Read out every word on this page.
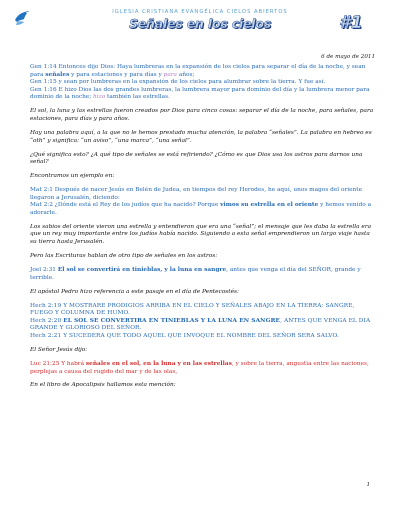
IGLESIA CRISTIANA EVANGÉLICA CIELOS ABIERTOS
Señales en los cielos	#1
6 de mayo de 2011

Gen 1:14 Entonces dijo Dios: Haya lumbreras en la expansión de los cielos para separar el día de la noche, y sean para señales y para estaciones y para días y para años;
Gen 1:15 y sean por lumbreras en la expansión de los cielos para alumbrar sobre la tierra. Y fue así.
Gen 1:16 E hizo Dios las dos grandes lumbreras, la lumbrera mayor para dominio del día y la lumbrera menor para dominio de la noche; hizo también las estrellas.

El sol, la luna y las estrellas fueron creados por Dios para cinco cosas: separar el día de la noche, para señales, para estaciones, para días y para años.

Hay una palabra aquí, a la que no le hemos prestado mucha atención, la palabra “señales”. La palabra en hebreo es “oth” y significa: “un aviso”, “una marca”, “una señal”.

¿Qué significa esto? ¿A qué tipo de señales se está refiriendo? ¿Cómo es que Dios usa los astros para darnos una señal?

Encontramos un ejemplo en:

Mat 2:1 Después de nacer Jesús en Belén de Judea, en tiempos del rey Herodes, he aquí, unos magos del oriente llegaron a Jerusalén, diciendo:
Mat 2:2 ¿Dónde está el Rey de los judíos que ha nacido? Porque vimos su estrella en el oriente y hemos venido a adorarle.

Los sabios del oriente vieron una estrella y entendieron que era una “señal”; el mensaje que les daba la estrella era que un rey muy importante entre los judíos había nacido. Siguiendo a esta señal emprendieron un largo viaje hasta su tierra hasta Jerusalén.

Pero las Escrituras hablan de otro tipo de señales en los astros:

Joel 2:31 El sol se convertirá en tinieblas, y la luna en sangre, antes que venga el día del SEÑOR, grande y terrible.

El apóstol Pedro hizo referencia a este pasaje en el día de Pentecostés:

Hech 2:19 Y MOSTRARE PRODIGIOS ARRIBA EN EL CIELO Y SEÑALES ABAJO EN LA TIERRA: SANGRE, FUEGO Y COLUMNA DE HUMO.
Hech 2:20 EL SOL SE CONVERTIRA EN TINIEBLAS Y LA LUNA EN SANGRE, ANTES QUE VENGA EL DIA GRANDE Y GLORIOSO DEL SEÑOR.
Hech 2:21 Y SUCEDERA QUE TODO AQUEL QUE INVOQUE EL NOMBRE DEL SEÑOR SERA SALVO.

El Señor Jesús dijo:

Luc 21:25 Y habrá señales en el sol, en la luna y en las estrellas, y sobre la tierra, angustia entre las naciones, perplejas a causa del rugido del mar y de las olas,

En el libro de Apocalipsis hallamos esta mención:

1
